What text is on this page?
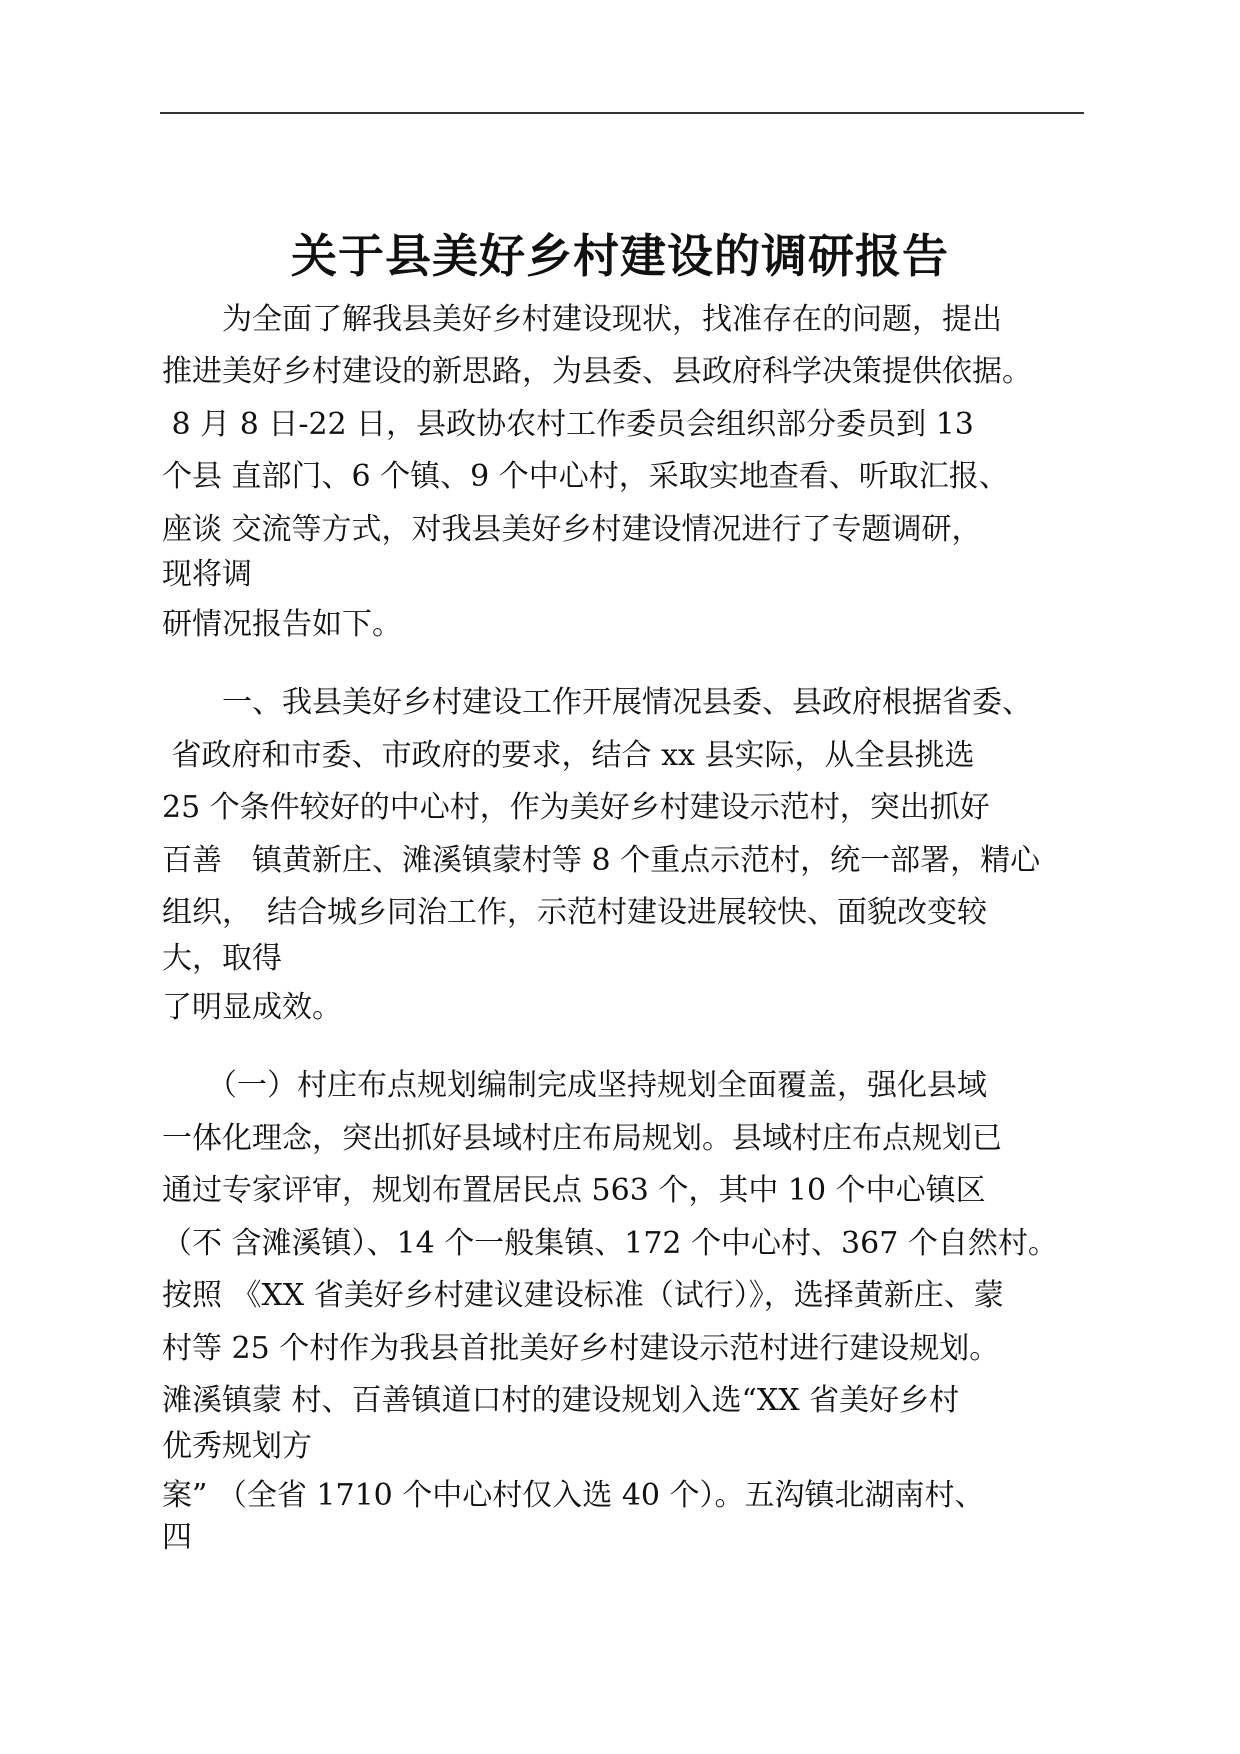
关于县美好乡村建设的调研报告

　　为全面了解我县美好乡村建设现状，找准存在的问题，提出

推进美好乡村建设的新思路，为县委、县政府科学决策提供依据。

8 月 8 日-22 日，县政协农村工作委员会组织部分委员到 13

个县 直部门、6 个镇、9 个中心村，采取实地查看、听取汇报、

座谈 交流等方式，对我县美好乡村建设情况进行了专题调研，

现将调

研情况报告如下。

　　一、我县美好乡村建设工作开展情况县委、县政府根据省委、

省政府和市委、市政府的要求，结合 xx 县实际，从全县挑选

25 个条件较好的中心村，作为美好乡村建设示范村，突出抓好

百善　镇黄新庄、滩溪镇蒙村等 8 个重点示范村，统一部署，精心

组织，　结合城乡同治工作，示范村建设进展较快、面貌改变较

大，取得

了明显成效。

　　（一）村庄布点规划编制完成坚持规划全面覆盖，强化县域

一体化理念，突出抓好县域村庄布局规划。县域村庄布点规划已

通过专家评审，规划布置居民点 563 个，其中 10 个中心镇区

（不 含滩溪镇）、14 个一般集镇、172 个中心村、367 个自然村。

按照 《XX 省美好乡村建议建设标准（试行）》，选择黄新庄、蒙

村等 25 个村作为我县首批美好乡村建设示范村进行建设规划。

滩溪镇蒙 村、百善镇道口村的建设规划入选“XX 省美好乡村

优秀规划方

案” （全省 1710 个中心村仅入选 40 个）。五沟镇北湖南村、

四
